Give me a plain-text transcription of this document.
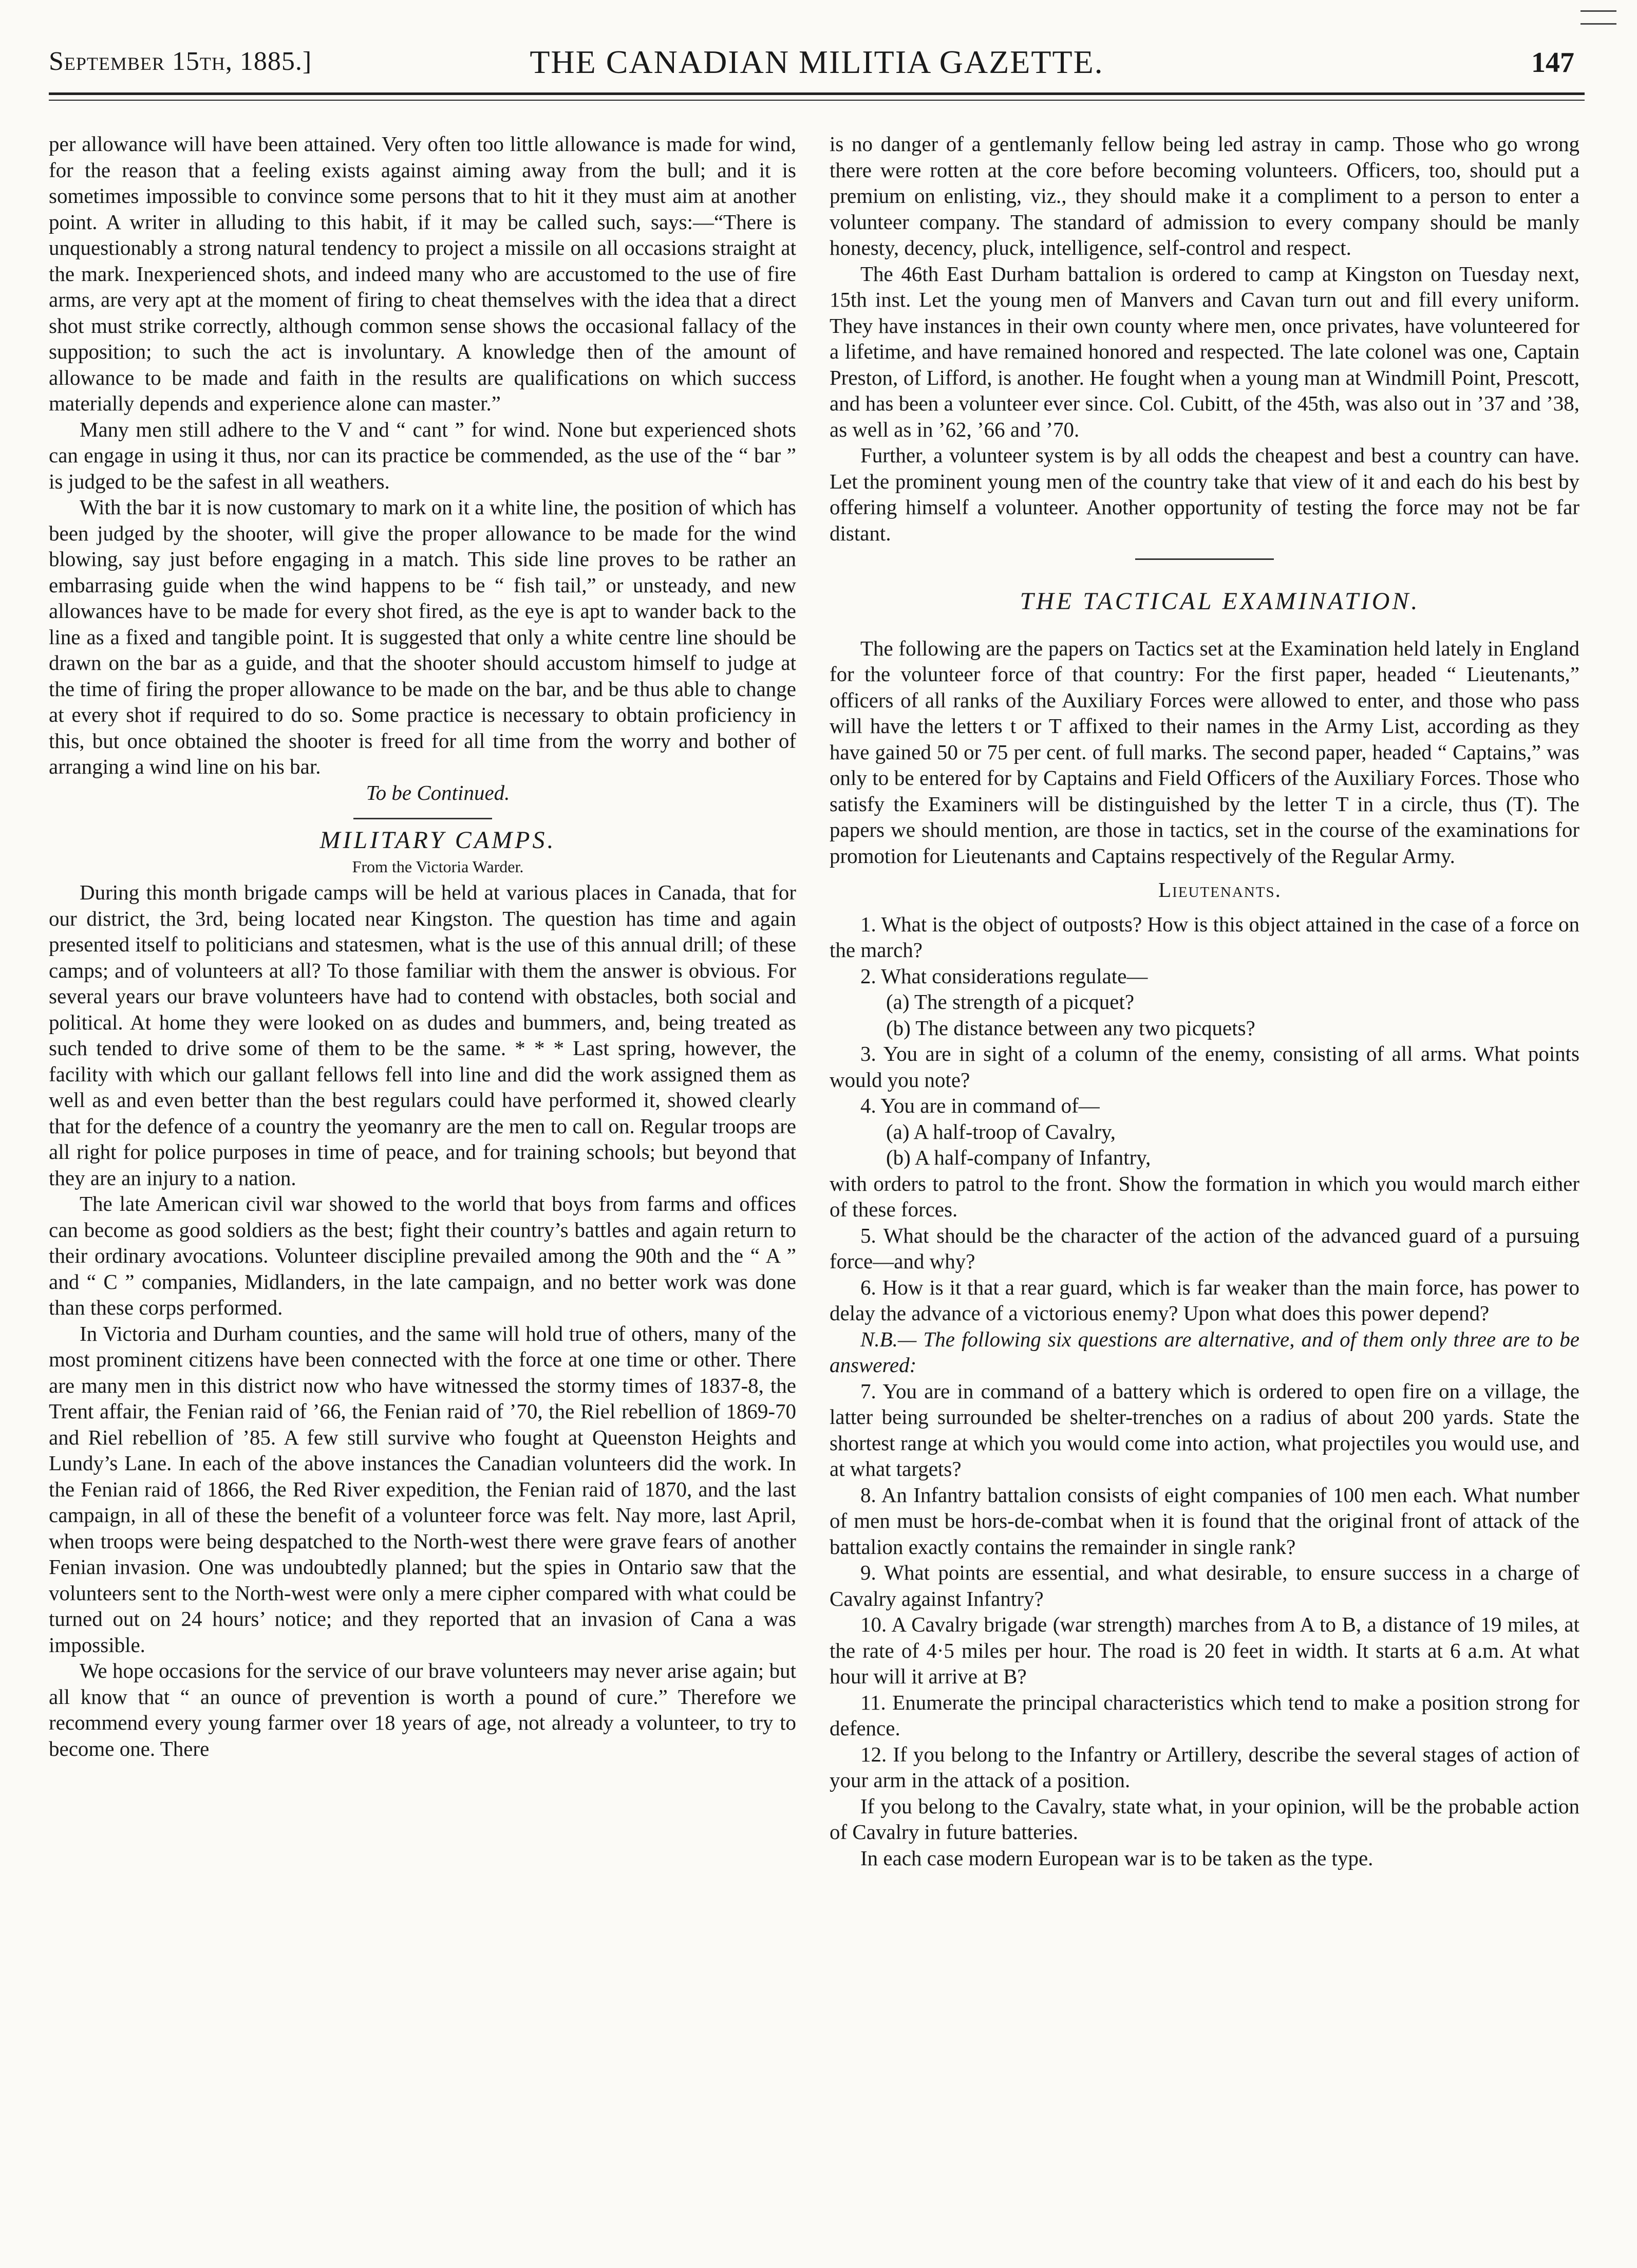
September 15th, 1885.]	THE CANADIAN MILITIA GAZETTE.	147

per allowance will have been attained. Very often too little allowance is made for wind, for the reason that a feeling exists against aiming away from the bull; and it is sometimes impossible to convince some persons that to hit it they must aim at another point. A writer in alluding to this habit, if it may be called such, says:—“There is unquestionably a strong natural tendency to project a missile on all occasions straight at the mark. Inexperienced shots, and indeed many who are accustomed to the use of fire arms, are very apt at the moment of firing to cheat themselves with the idea that a direct shot must strike correctly, although common sense shows the occasional fallacy of the supposition; to such the act is involuntary. A knowledge then of the amount of allowance to be made and faith in the results are qualifications on which success materially depends and experience alone can master.”

Many men still adhere to the V and “ cant ” for wind. None but experienced shots can engage in using it thus, nor can its practice be commended, as the use of the “ bar ” is judged to be the safest in all weathers.

With the bar it is now customary to mark on it a white line, the position of which has been judged by the shooter, will give the proper allowance to be made for the wind blowing, say just before engaging in a match. This side line proves to be rather an embarrasing guide when the wind happens to be “ fish tail,” or unsteady, and new allowances have to be made for every shot fired, as the eye is apt to wander back to the line as a fixed and tangible point. It is suggested that only a white centre line should be drawn on the bar as a guide, and that the shooter should accustom himself to judge at the time of firing the proper allowance to be made on the bar, and be thus able to change at every shot if required to do so. Some practice is necessary to obtain proficiency in this, but once obtained the shooter is freed for all time from the worry and bother of arranging a wind line on his bar.

To be Continued.

MILITARY CAMPS.

From the Victoria Warder.

During this month brigade camps will be held at various places in Canada, that for our district, the 3rd, being located near Kingston. The question has time and again presented itself to politicians and statesmen, what is the use of this annual drill; of these camps; and of volunteers at all? To those familiar with them the answer is obvious. For several years our brave volunteers have had to contend with obstacles, both social and political. At home they were looked on as dudes and bummers, and, being treated as such tended to drive some of them to be the same. * * * Last spring, however, the facility with which our gallant fellows fell into line and did the work assigned them as well as and even better than the best regulars could have performed it, showed clearly that for the defence of a country the yeomanry are the men to call on. Regular troops are all right for police purposes in time of peace, and for training schools; but beyond that they are an injury to a nation.

The late American civil war showed to the world that boys from farms and offices can become as good soldiers as the best; fight their country’s battles and again return to their ordinary avocations. Volunteer discipline prevailed among the 90th and the “ A ” and “ C ” companies, Midlanders, in the late campaign, and no better work was done than these corps performed.

In Victoria and Durham counties, and the same will hold true of others, many of the most prominent citizens have been connected with the force at one time or other. There are many men in this district now who have witnessed the stormy times of 1837-8, the Trent affair, the Fenian raid of ’66, the Fenian raid of ’70, the Riel rebellion of 1869-70 and Riel rebellion of ’85. A few still survive who fought at Queenston Heights and Lundy’s Lane. In each of the above instances the Canadian volunteers did the work. In the Fenian raid of 1866, the Red River expedition, the Fenian raid of 1870, and the last campaign, in all of these the benefit of a volunteer force was felt. Nay more, last April, when troops were being despatched to the North-west there were grave fears of another Fenian invasion. One was undoubtedly planned; but the spies in Ontario saw that the volunteers sent to the North-west were only a mere cipher compared with what could be turned out on 24 hours’ notice; and they reported that an invasion of Cana a was impossible.

We hope occasions for the service of our brave volunteers may never arise again; but all know that “ an ounce of prevention is worth a pound of cure.” Therefore we recommend every young farmer over 18 years of age, not already a volunteer, to try to become one. There

is no danger of a gentlemanly fellow being led astray in camp. Those who go wrong there were rotten at the core before becoming volunteers. Officers, too, should put a premium on enlisting, viz., they should make it a compliment to a person to enter a volunteer company. The standard of admission to every company should be manly honesty, decency, pluck, intelligence, self-control and respect.

The 46th East Durham battalion is ordered to camp at Kingston on Tuesday next, 15th inst. Let the young men of Manvers and Cavan turn out and fill every uniform. They have instances in their own county where men, once privates, have volunteered for a lifetime, and have remained honored and respected. The late colonel was one, Captain Preston, of Lifford, is another. He fought when a young man at Windmill Point, Prescott, and has been a volunteer ever since. Col. Cubitt, of the 45th, was also out in ’37 and ’38, as well as in ’62, ’66 and ’70.

Further, a volunteer system is by all odds the cheapest and best a country can have. Let the prominent young men of the country take that view of it and each do his best by offering himself a volunteer. Another opportunity of testing the force may not be far distant.

THE TACTICAL EXAMINATION.

The following are the papers on Tactics set at the Examination held lately in England for the volunteer force of that country: For the first paper, headed “ Lieutenants,” officers of all ranks of the Auxiliary Forces were allowed to enter, and those who pass will have the letters t or T affixed to their names in the Army List, according as they have gained 50 or 75 per cent. of full marks. The second paper, headed “ Captains,” was only to be entered for by Captains and Field Officers of the Auxiliary Forces. Those who satisfy the Examiners will be distinguished by the letter T in a circle, thus (T). The papers we should mention, are those in tactics, set in the course of the examinations for promotion for Lieutenants and Captains respectively of the Regular Army.

Lieutenants.

1. What is the object of outposts? How is this object attained in the case of a force on the march?

2. What considerations regulate—

(a) The strength of a picquet?

(b) The distance between any two picquets?

3. You are in sight of a column of the enemy, consisting of all arms. What points would you note?

4. You are in command of—

(a) A half-troop of Cavalry,

(b) A half-company of Infantry,

with orders to patrol to the front. Show the formation in which you would march either of these forces.

5. What should be the character of the action of the advanced guard of a pursuing force—and why?

6. How is it that a rear guard, which is far weaker than the main force, has power to delay the advance of a victorious enemy? Upon what does this power depend?

N.B.— The following six questions are alternative, and of them only three are to be answered:

7. You are in command of a battery which is ordered to open fire on a village, the latter being surrounded be shelter-trenches on a radius of about 200 yards. State the shortest range at which you would come into action, what projectiles you would use, and at what targets?

8. An Infantry battalion consists of eight companies of 100 men each. What number of men must be hors-de-combat when it is found that the original front of attack of the battalion exactly contains the remainder in single rank?

9. What points are essential, and what desirable, to ensure success in a charge of Cavalry against Infantry?

10. A Cavalry brigade (war strength) marches from A to B, a distance of 19 miles, at the rate of 4·5 miles per hour. The road is 20 feet in width. It starts at 6 a.m. At what hour will it arrive at B?

11. Enumerate the principal characteristics which tend to make a position strong for defence.

12. If you belong to the Infantry or Artillery, describe the several stages of action of your arm in the attack of a position.

If you belong to the Cavalry, state what, in your opinion, will be the probable action of Cavalry in future batteries.

In each case modern European war is to be taken as the type.
